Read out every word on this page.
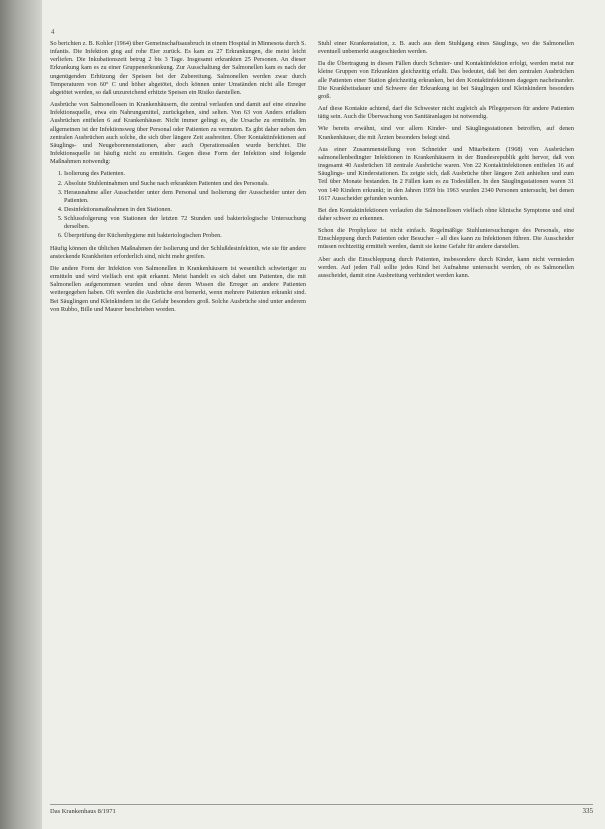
4

So berichten z. B. Kohler (1964) über Gemeinschaftsausbruch in einem Hospital in Minnesota durch S. infantis. Die Infektion ging auf rohe Eier zurück. Es kam zu 27 Erkrankungen, die meist leicht verliefen. Die Inkubationszeit betrug 2 bis 3 Tage. Insgesamt erkrankten 25 Personen. An dieser Erkrankung kam es zu einer Gruppenerkrankung. Zur Ausschaltung der Salmonellen kam es nach der ungenügenden Erhitzung der Speisen bei der Zubereitung. Salmonellen werden zwar durch Temperaturen von 60° C und höher abgetötet, doch können unter Umständen nicht alle Erreger abgetötet werden, so daß unzureichend erhitzte Speisen ein Risiko darstellen.

Ausbrüche von Salmonellosen in Krankenhäusern, die zentral verlaufen und damit auf eine einzelne Infektionsquelle, etwa ein Nahrungsmittel, zurückgehen, sind selten. Von 63 von Anders erfaßten Ausbrüchen entfielen 6 auf Krankenhäuser. Nicht immer gelingt es, die Ursache zu ermitteln. Im allgemeinen ist der Infektionsweg über Personal oder Patienten zu vermuten. Es gibt daher neben den zentralen Ausbrüchen auch solche, die sich über längere Zeit ausbreiten. Über Kontaktinfektionen auf Säuglings- und Neugeborenenstationen, aber auch Operationssälen wurde berichtet. Die Infektionsquelle ist häufig nicht zu ermitteln. Gegen diese Form der Infektion sind folgende Maßnahmen notwendig:

1. Isolierung des Patienten.
2. Absolute Stuhlentnahmen und Suche nach erkrankten Patienten und des Personals.
3. Herausnahme aller Ausscheider unter dem Personal und Isolierung der Ausscheider unter den Patienten.
4. Desinfektionsmaßnahmen in den Stationen.
5. Schlussfolgerung von Stationen der letzten 72 Stunden und bakteriologische Untersuchung derselben.
6. Überprüfung der Küchenhygiene mit bakteriologischen Proben.

Häufig können die üblichen Maßnahmen der Isolierung und der Schlußdesinfektion, wie sie für andere ansteckende Krankheiten erforderlich sind, nicht mehr greifen.

Die andere Form der Infektion von Salmonellen in Krankenhäusern ist wesentlich schwieriger zu ermitteln und wird vielfach erst spät erkannt. Meist handelt es sich dabei um Patienten, die mit Salmonellen aufgenommen wurden und ohne deren Wissen die Erreger an andere Patienten weitergegeben haben. Oft werden die Ausbrüche erst bemerkt, wenn mehrere Patienten erkrankt sind. Bei Säuglingen und Kleinkindern ist die Gefahr besonders groß. Solche Ausbrüche sind unter anderem von Rubbo, Bille und Maurer beschrieben worden.

Stuhl einer Krankenstation, z. B. auch aus dem Stuhlgang eines Säuglings, wo die Salmonellen eventuell unbemerkt ausgeschieden werden.

Da die Übertragung in diesen Fällen durch Schmier- und Kontaktinfektion erfolgt, werden meist nur kleine Gruppen von Erkrankten gleichzeitig erfaßt. Das bedeutet, daß bei den zentralen Ausbrüchen alle Patienten einer Station gleichzeitig erkranken, bei den Kontaktinfektionen dagegen nacheinander. Die Krankheitsdauer und Schwere der Erkrankung ist bei Säuglingen und Kleinkindern besonders groß.

Auf diese Kontakte achtend, darf die Schwester nicht zugleich als Pflegeperson für andere Patienten tätig sein. Auch die Überwachung von Sanitäranlagen ist notwendig.

Wie bereits erwähnt, sind vor allem Kinder- und Säuglingsstationen betroffen, auf denen Krankenhäuser, die mit Ärzten besonders belegt sind.

Aus einer Zusammenstellung von Schneider und Mitarbeitern (1968) von Ausbrüchen salmonellenbedingter Infektionen in Krankenhäusern in der Bundesrepublik geht hervor, daß von insgesamt 40 Ausbrüchen 18 zentrale Ausbrüche waren. Von 22 Kontaktinfektionen entfielen 16 auf Säuglings- und Kinderstationen. Es zeigte sich, daß Ausbrüche über längere Zeit anhielten und zum Teil über Monate bestanden. In 2 Fällen kam es zu Todesfällen. In den Säuglingsstationen waren 31 von 140 Kindern erkrankt; in den Jahren 1959 bis 1963 wurden 2340 Personen untersucht, bei denen 1617 Ausscheider gefunden wurden.

Bei den Kontaktinfektionen verlaufen die Salmonellosen vielfach ohne klinische Symptome und sind daher schwer zu erkennen.

Schon die Prophylaxe ist nicht einfach. Regelmäßige Stuhluntersuchungen des Personals, eine Einschleppung durch Patienten oder Besucher – all dies kann zu Infektionen führen. Die Ausscheider müssen rechtzeitig ermittelt werden, damit sie keine Gefahr für andere darstellen.

Aber auch die Einschleppung durch Patienten, insbesondere durch Kinder, kann nicht vermieden werden. Auf jeden Fall sollte jedes Kind bei Aufnahme untersucht werden, ob es Salmonellen ausscheidet, damit eine Ausbreitung verhindert werden kann.

Das Krankenhaus 8/1971	335
